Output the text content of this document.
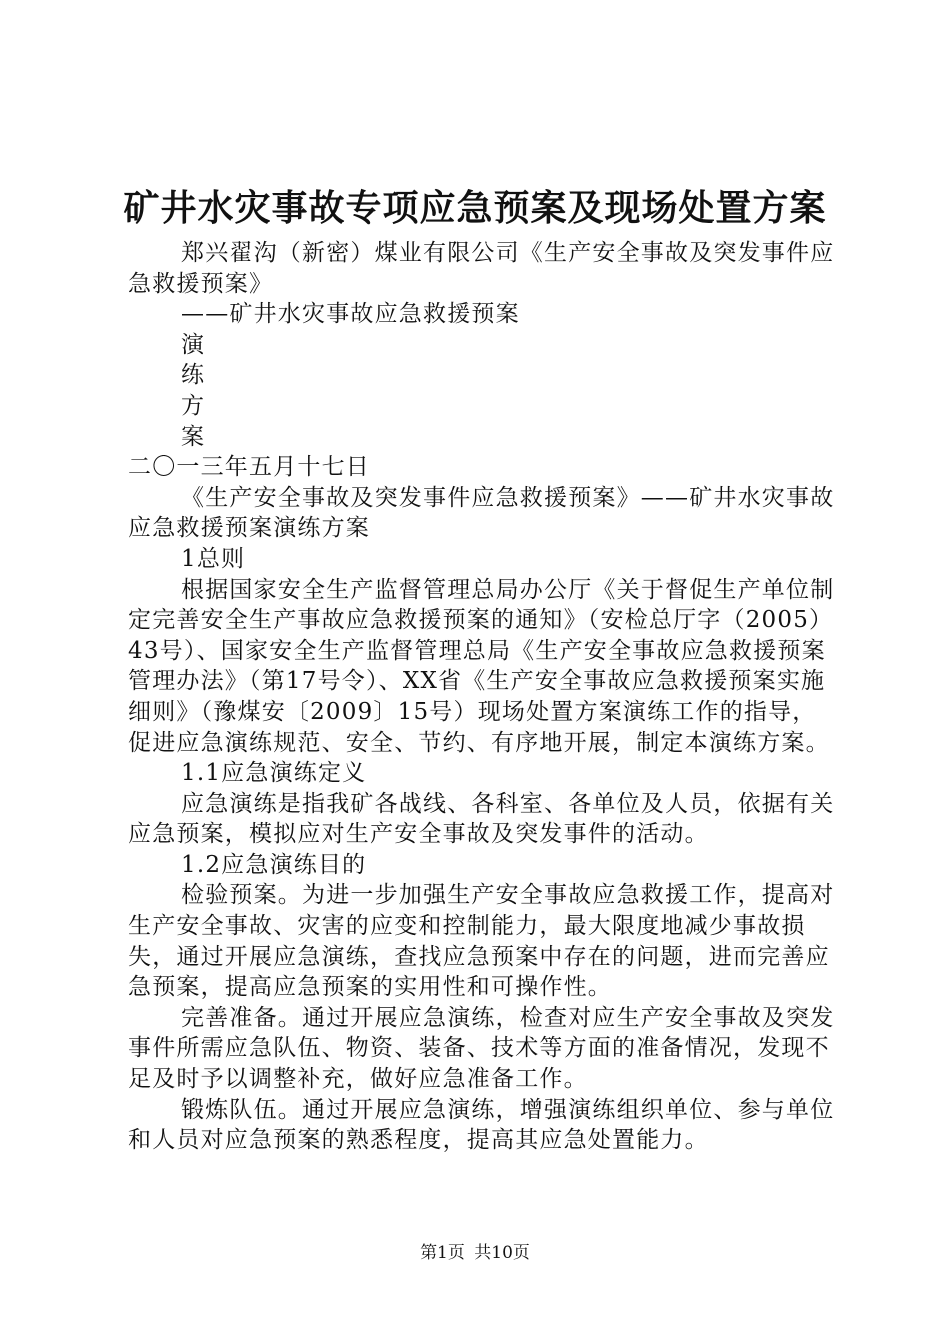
矿井水灾事故专项应急预案及现场处置方案

郑兴翟沟（新密）煤业有限公司《生产安全事故及突发事件应急救援预案》

——矿井水灾事故应急救援预案

演

练

方

案

二〇一三年五月十七日

《生产安全事故及突发事件应急救援预案》——矿井水灾事故应急救援预案演练方案

1总则

根据国家安全生产监督管理总局办公厅《关于督促生产单位制定完善安全生产事故应急救援预案的通知》（安检总厅字（2005）43号）、国家安全生产监督管理总局《生产安全事故应急救援预案管理办法》（第17号令）、XX省《生产安全事故应急救援预案实施细则》（豫煤安〔2009〕15号）现场处置方案演练工作的指导，促进应急演练规范、安全、节约、有序地开展，制定本演练方案。

1.1应急演练定义

应急演练是指我矿各战线、各科室、各单位及人员，依据有关应急预案，模拟应对生产安全事故及突发事件的活动。

1.2应急演练目的

检验预案。为进一步加强生产安全事故应急救援工作，提高对生产安全事故、灾害的应变和控制能力，最大限度地减少事故损失，通过开展应急演练，查找应急预案中存在的问题，进而完善应急预案，提高应急预案的实用性和可操作性。

完善准备。通过开展应急演练，检查对应生产安全事故及突发事件所需应急队伍、物资、装备、技术等方面的准备情况，发现不足及时予以调整补充，做好应急准备工作。

锻炼队伍。通过开展应急演练，增强演练组织单位、参与单位和人员对应急预案的熟悉程度，提高其应急处置能力。

第1页 共10页
